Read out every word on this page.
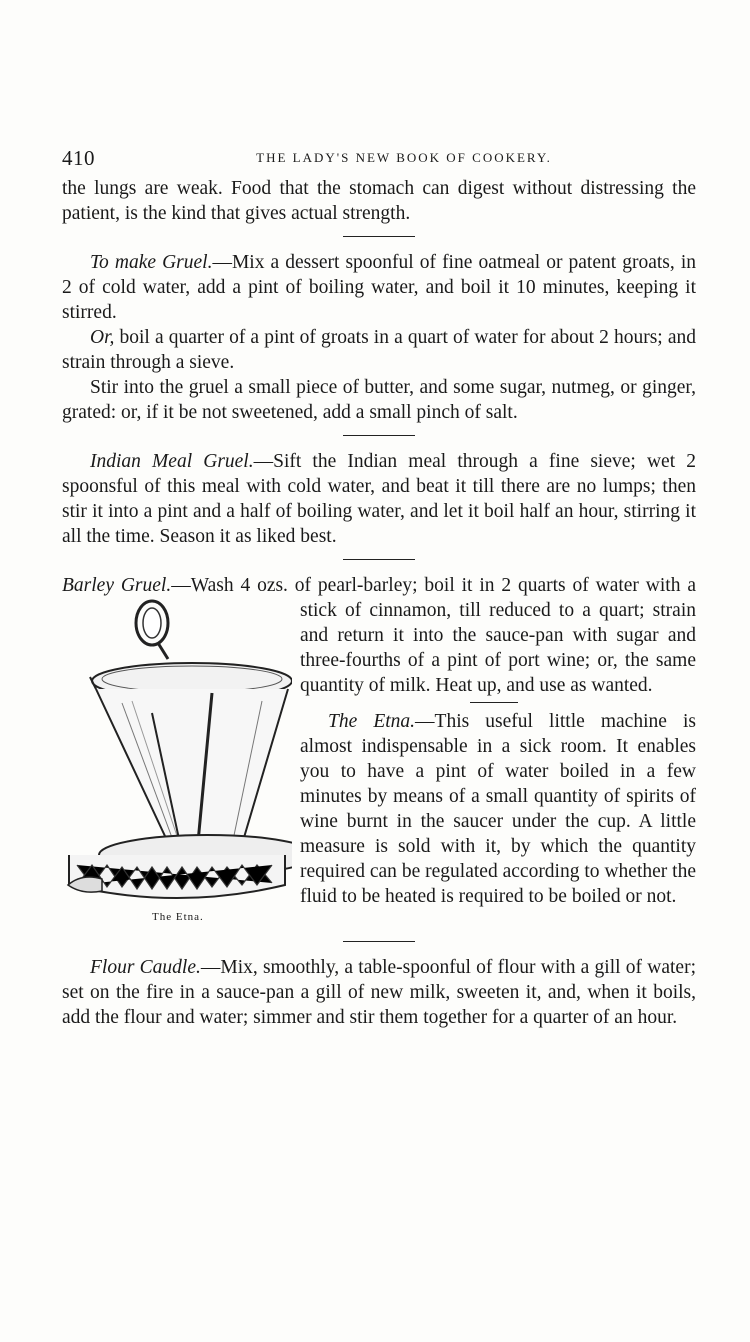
410	THE LADY'S NEW BOOK OF COOKERY.

the lungs are weak. Food that the stomach can digest without distressing the patient, is the kind that gives actual strength.

To make Gruel.—Mix a dessert spoonful of fine oatmeal or patent groats, in 2 of cold water, add a pint of boiling water, and boil it 10 minutes, keeping it stirred.

Or, boil a quarter of a pint of groats in a quart of water for about 2 hours; and strain through a sieve.

Stir into the gruel a small piece of butter, and some sugar, nutmeg, or ginger, grated: or, if it be not sweetened, add a small pinch of salt.

Indian Meal Gruel.—Sift the Indian meal through a fine sieve; wet 2 spoonsful of this meal with cold water, and beat it till there are no lumps; then stir it into a pint and a half of boiling water, and let it boil half an hour, stirring it all the time. Season it as liked best.

The Etna.

Barley Gruel.—Wash 4 ozs. of pearl-barley; boil it in 2 quarts of water with a stick of cinnamon, till reduced to a quart; strain and return it into the sauce-pan with sugar and three-fourths of a pint of port wine; or, the same quantity of milk. Heat up, and use as wanted.

The Etna.—This useful little machine is almost indispensable in a sick room. It enables you to have a pint of water boiled in a few minutes by means of a small quantity of spirits of wine burnt in the saucer under the cup. A little measure is sold with it, by which the quantity required can be regulated according to whether the fluid to be heated is required to be boiled or not.

Flour Caudle.—Mix, smoothly, a table-spoonful of flour with a gill of water; set on the fire in a sauce-pan a gill of new milk, sweeten it, and, when it boils, add the flour and water; simmer and stir them together for a quarter of an hour.
